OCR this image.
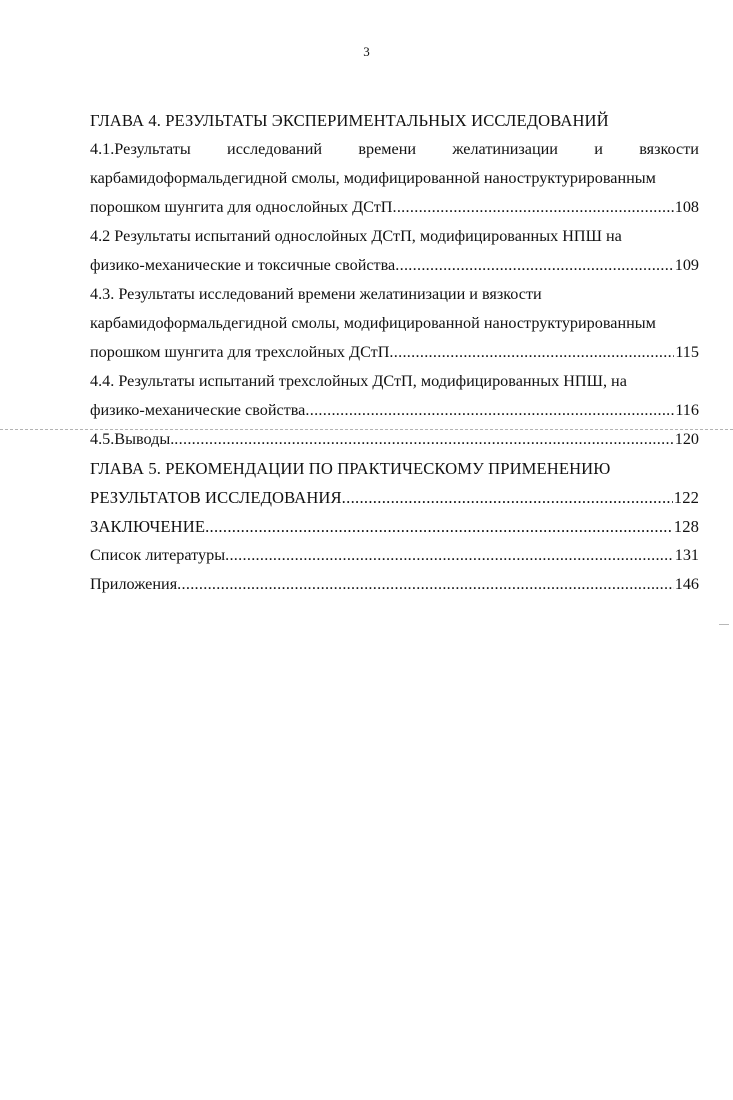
3
ГЛАВА 4. РЕЗУЛЬТАТЫ ЭКСПЕРИМЕНТАЛЬНЫХ ИССЛЕДОВАНИЙ
4.1.Результаты исследований времени желатинизации и вязкости
карбамидоформальдегидной смолы, модифицированной наноструктурированным
порошком шунгита для однослойных ДСтП .....	108
4.2 Результаты испытаний однослойных ДСтП, модифицированных НПШ на
физико-механические и токсичные свойства .....	109
4.3. Результаты исследований времени желатинизации и вязкости
карбамидоформальдегидной смолы, модифицированной наноструктурированным
порошком шунгита для трехслойных ДСтП .....	115
4.4. Результаты испытаний трехслойных ДСтП, модифицированных НПШ, на
физико-механические свойства .....	116
4.5.Выводы. .....	120
ГЛАВА 5. РЕКОМЕНДАЦИИ ПО ПРАКТИЧЕСКОМУ ПРИМЕНЕНИЮ
РЕЗУЛЬТАТОВ ИССЛЕДОВАНИЯ .....	122
ЗАКЛЮЧЕНИЕ .....	128
Список литературы .....	131
Приложения .....	146
